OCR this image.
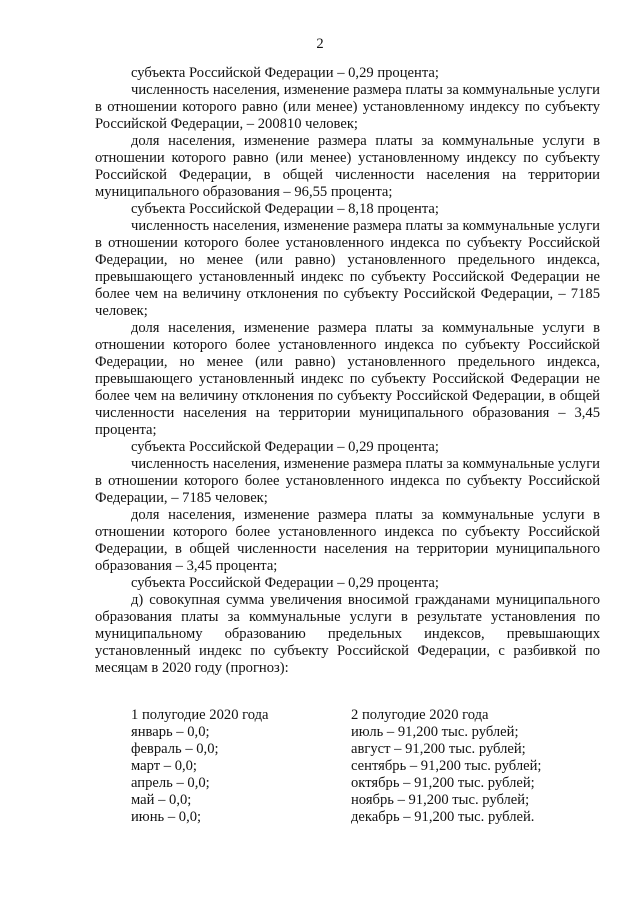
2

субъекта Российской Федерации – 0,29 процента;

численность населения, изменение размера платы за коммунальные услуги в отношении которого равно (или менее) установленному индексу по субъекту Российской Федерации, – 200810 человек;

доля населения, изменение размера платы за коммунальные услуги в отношении которого равно (или менее) установленному индексу по субъекту Российской Федерации, в общей численности населения на территории муниципального образования – 96,55 процента;

субъекта Российской Федерации – 8,18 процента;

численность населения, изменение размера платы за коммунальные услуги в отношении которого более установленного индекса по субъекту Российской Федерации, но менее (или равно) установленного предельного индекса, превышающего установленный индекс по субъекту Российской Федерации не более чем на величину отклонения по субъекту Российской Федерации, – 7185 человек;

доля населения, изменение размера платы за коммунальные услуги в отношении которого более установленного индекса по субъекту Российской Федерации, но менее (или равно) установленного предельного индекса, превышающего установленный индекс по субъекту Российской Федерации не более чем на величину отклонения по субъекту Российской Федерации, в общей численности населения на территории муниципального образования – 3,45 процента;

субъекта Российской Федерации – 0,29 процента;

численность населения, изменение размера платы за коммунальные услуги в отношении которого более установленного индекса по субъекту Российской Федерации, – 7185 человек;

доля населения, изменение размера платы за коммунальные услуги в отношении которого более установленного индекса по субъекту Российской Федерации, в общей численности населения на территории муниципального образования – 3,45 процента;

субъекта Российской Федерации – 0,29 процента;

д) совокупная сумма увеличения вносимой гражданами муниципального образования платы за коммунальные услуги в результате установления по муниципальному образованию предельных индексов, превышающих установленный индекс по субъекту Российской Федерации, с разбивкой по месяцам в 2020 году (прогноз):

1 полугодие 2020 года
январь – 0,0;
февраль – 0,0;
март – 0,0;
апрель – 0,0;
май – 0,0;
июнь – 0,0;
2 полугодие 2020 года
июль – 91,200 тыс. рублей;
август – 91,200 тыс. рублей;
сентябрь – 91,200 тыс. рублей;
октябрь – 91,200 тыс. рублей;
ноябрь – 91,200 тыс. рублей;
декабрь – 91,200 тыс. рублей.
